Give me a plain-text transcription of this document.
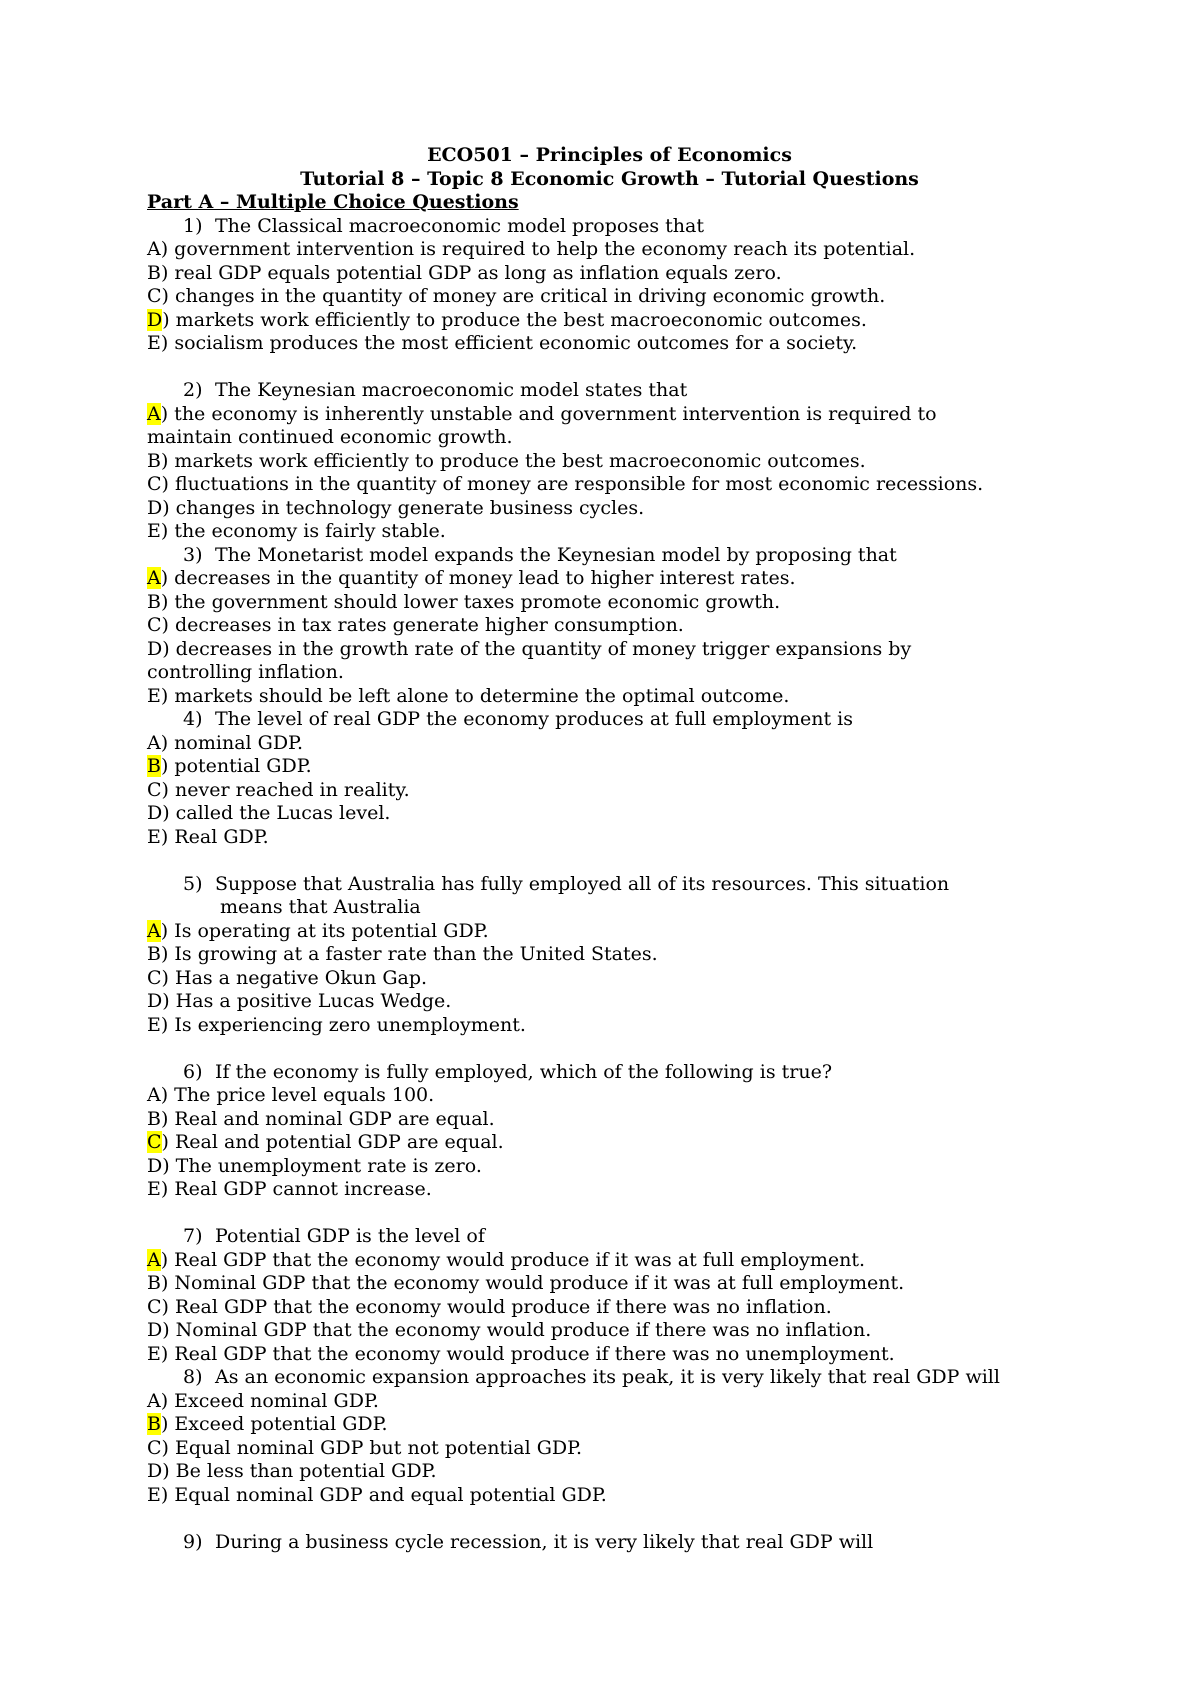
ECO501 – Principles of Economics
Tutorial 8 – Topic 8 Economic Growth – Tutorial Questions
Part A – Multiple Choice Questions
1) The Classical macroeconomic model proposes that
A) government intervention is required to help the economy reach its potential.
B) real GDP equals potential GDP as long as inflation equals zero.
C) changes in the quantity of money are critical in driving economic growth.
D) markets work efficiently to produce the best macroeconomic outcomes.
E) socialism produces the most efficient economic outcomes for a society.
2) The Keynesian macroeconomic model states that
A) the economy is inherently unstable and government intervention is required to
maintain continued economic growth.
B) markets work efficiently to produce the best macroeconomic outcomes.
C) fluctuations in the quantity of money are responsible for most economic recessions.
D) changes in technology generate business cycles.
E) the economy is fairly stable.
3) The Monetarist model expands the Keynesian model by proposing that
A) decreases in the quantity of money lead to higher interest rates.
B) the government should lower taxes promote economic growth.
C) decreases in tax rates generate higher consumption.
D) decreases in the growth rate of the quantity of money trigger expansions by
controlling inflation.
E) markets should be left alone to determine the optimal outcome.
4) The level of real GDP the economy produces at full employment is
A) nominal GDP.
B) potential GDP.
C) never reached in reality.
D) called the Lucas level.
E) Real GDP.
5) Suppose that Australia has fully employed all of its resources. This situation
means that Australia
A) Is operating at its potential GDP.
B) Is growing at a faster rate than the United States.
C) Has a negative Okun Gap.
D) Has a positive Lucas Wedge.
E) Is experiencing zero unemployment.
6) If the economy is fully employed, which of the following is true?
A) The price level equals 100.
B) Real and nominal GDP are equal.
C) Real and potential GDP are equal.
D) The unemployment rate is zero.
E) Real GDP cannot increase.
7) Potential GDP is the level of
A) Real GDP that the economy would produce if it was at full employment.
B) Nominal GDP that the economy would produce if it was at full employment.
C) Real GDP that the economy would produce if there was no inflation.
D) Nominal GDP that the economy would produce if there was no inflation.
E) Real GDP that the economy would produce if there was no unemployment.
8) As an economic expansion approaches its peak, it is very likely that real GDP will
A) Exceed nominal GDP.
B) Exceed potential GDP.
C) Equal nominal GDP but not potential GDP.
D) Be less than potential GDP.
E) Equal nominal GDP and equal potential GDP.
9) During a business cycle recession, it is very likely that real GDP will
